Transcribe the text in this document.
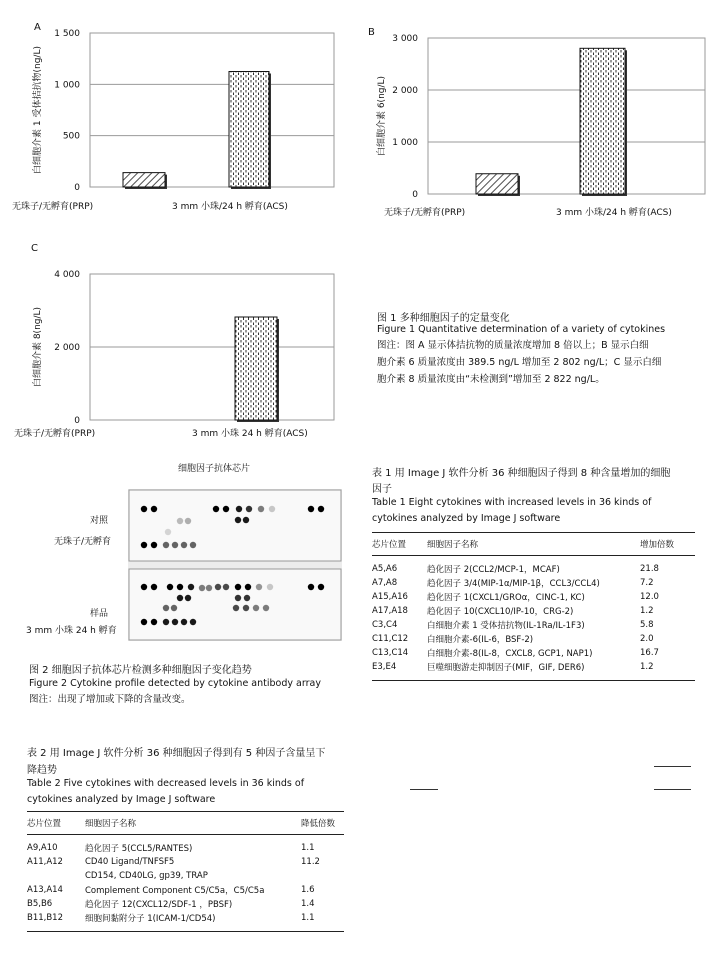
A
0
500
1 000
1 500
无珠子/无孵育(PRP)	3 mm 小珠/24 h 孵育(ACS)
白细胞介素 1 受体拮抗物(ng/L)
B
0
1 000
2 000
3 000
无珠子/无孵育(PRP)	3 mm 小珠/24 h 孵育(ACS)
白细胞介素 6(ng/L)
C
0
2 000
4 000
无珠子/无孵育(PRP)	3 mm 小珠 24 h 孵育(ACS)
白细胞介素 8(ng/L)	图 1 多种细胞因子的定量变化
Figure 1 Quantitative determination of a variety of cytokines
图注：图 A 显示体拮抗物的质量浓度增加 8 倍以上；B 显示白细
胞介素 6 质量浓度由 389.5 ng/L 增加至 2 802 ng/L；C 显示白细
胞介素 8 质量浓度由“未检测到”增加至 2 822 ng/L。
细胞因子抗体芯片
对照
无珠子/无孵育
样品
3 mm 小珠 24 h 孵育
图 2 细胞因子抗体芯片检测多种细胞因子变化趋势
Figure 2 Cytokine profile detected by cytokine antibody array
图注：出现了增加或下降的含量改变。
表 1 用 Image J 软件分析 36 种细胞因子得到 8 种含量增加的细胞
因子
Table 1 Eight cytokines with increased levels in 36 kinds of
cytokines analyzed by Image J software
芯片位置	细胞因子名称	增加倍数

A5,A6	趋化因子 2(CCL2/MCP-1，MCAF)	21.8
A7,A8	趋化因子 3/4(MIP-1α/MIP-1β，CCL3/CCL4)	7.2
A15,A16	趋化因子 1(CXCL1/GROα，CINC-1, KC)	12.0
A17,A18	趋化因子 10(CXCL10/IP-10，CRG-2)	1.2
C3,C4	白细胞介素 1 受体拮抗物(IL-1Ra/IL-1F3)	5.8
C11,C12	白细胞介素-6(IL-6，BSF-2)	2.0
C13,C14	白细胞介素-8(IL-8，CXCL8, GCP1, NAP1)	16.7
E3,E4	巨噬细胞游走抑制因子(MIF，GIF, DER6)	1.2

表 2 用 Image J 软件分析 36 种细胞因子得到有 5 种因子含量呈下
降趋势
Table 2 Five cytokines with decreased levels in 36 kinds of
cytokines analyzed by Image J software
芯片位置	细胞因子名称	降低倍数

A9,A10	趋化因子 5(CCL5/RANTES)	1.1
A11,A12	CD40 Ligand/TNFSF5	11.2
	CD154, CD40LG, gp39, TRAP	
A13,A14	Complement Component C5/C5a，C5/C5a	1.6
B5,B6	趋化因子 12(CXCL12/SDF-1 ，PBSF)	1.4
B11,B12	细胞间黏附分子 1(ICAM-1/CD54)	1.1
